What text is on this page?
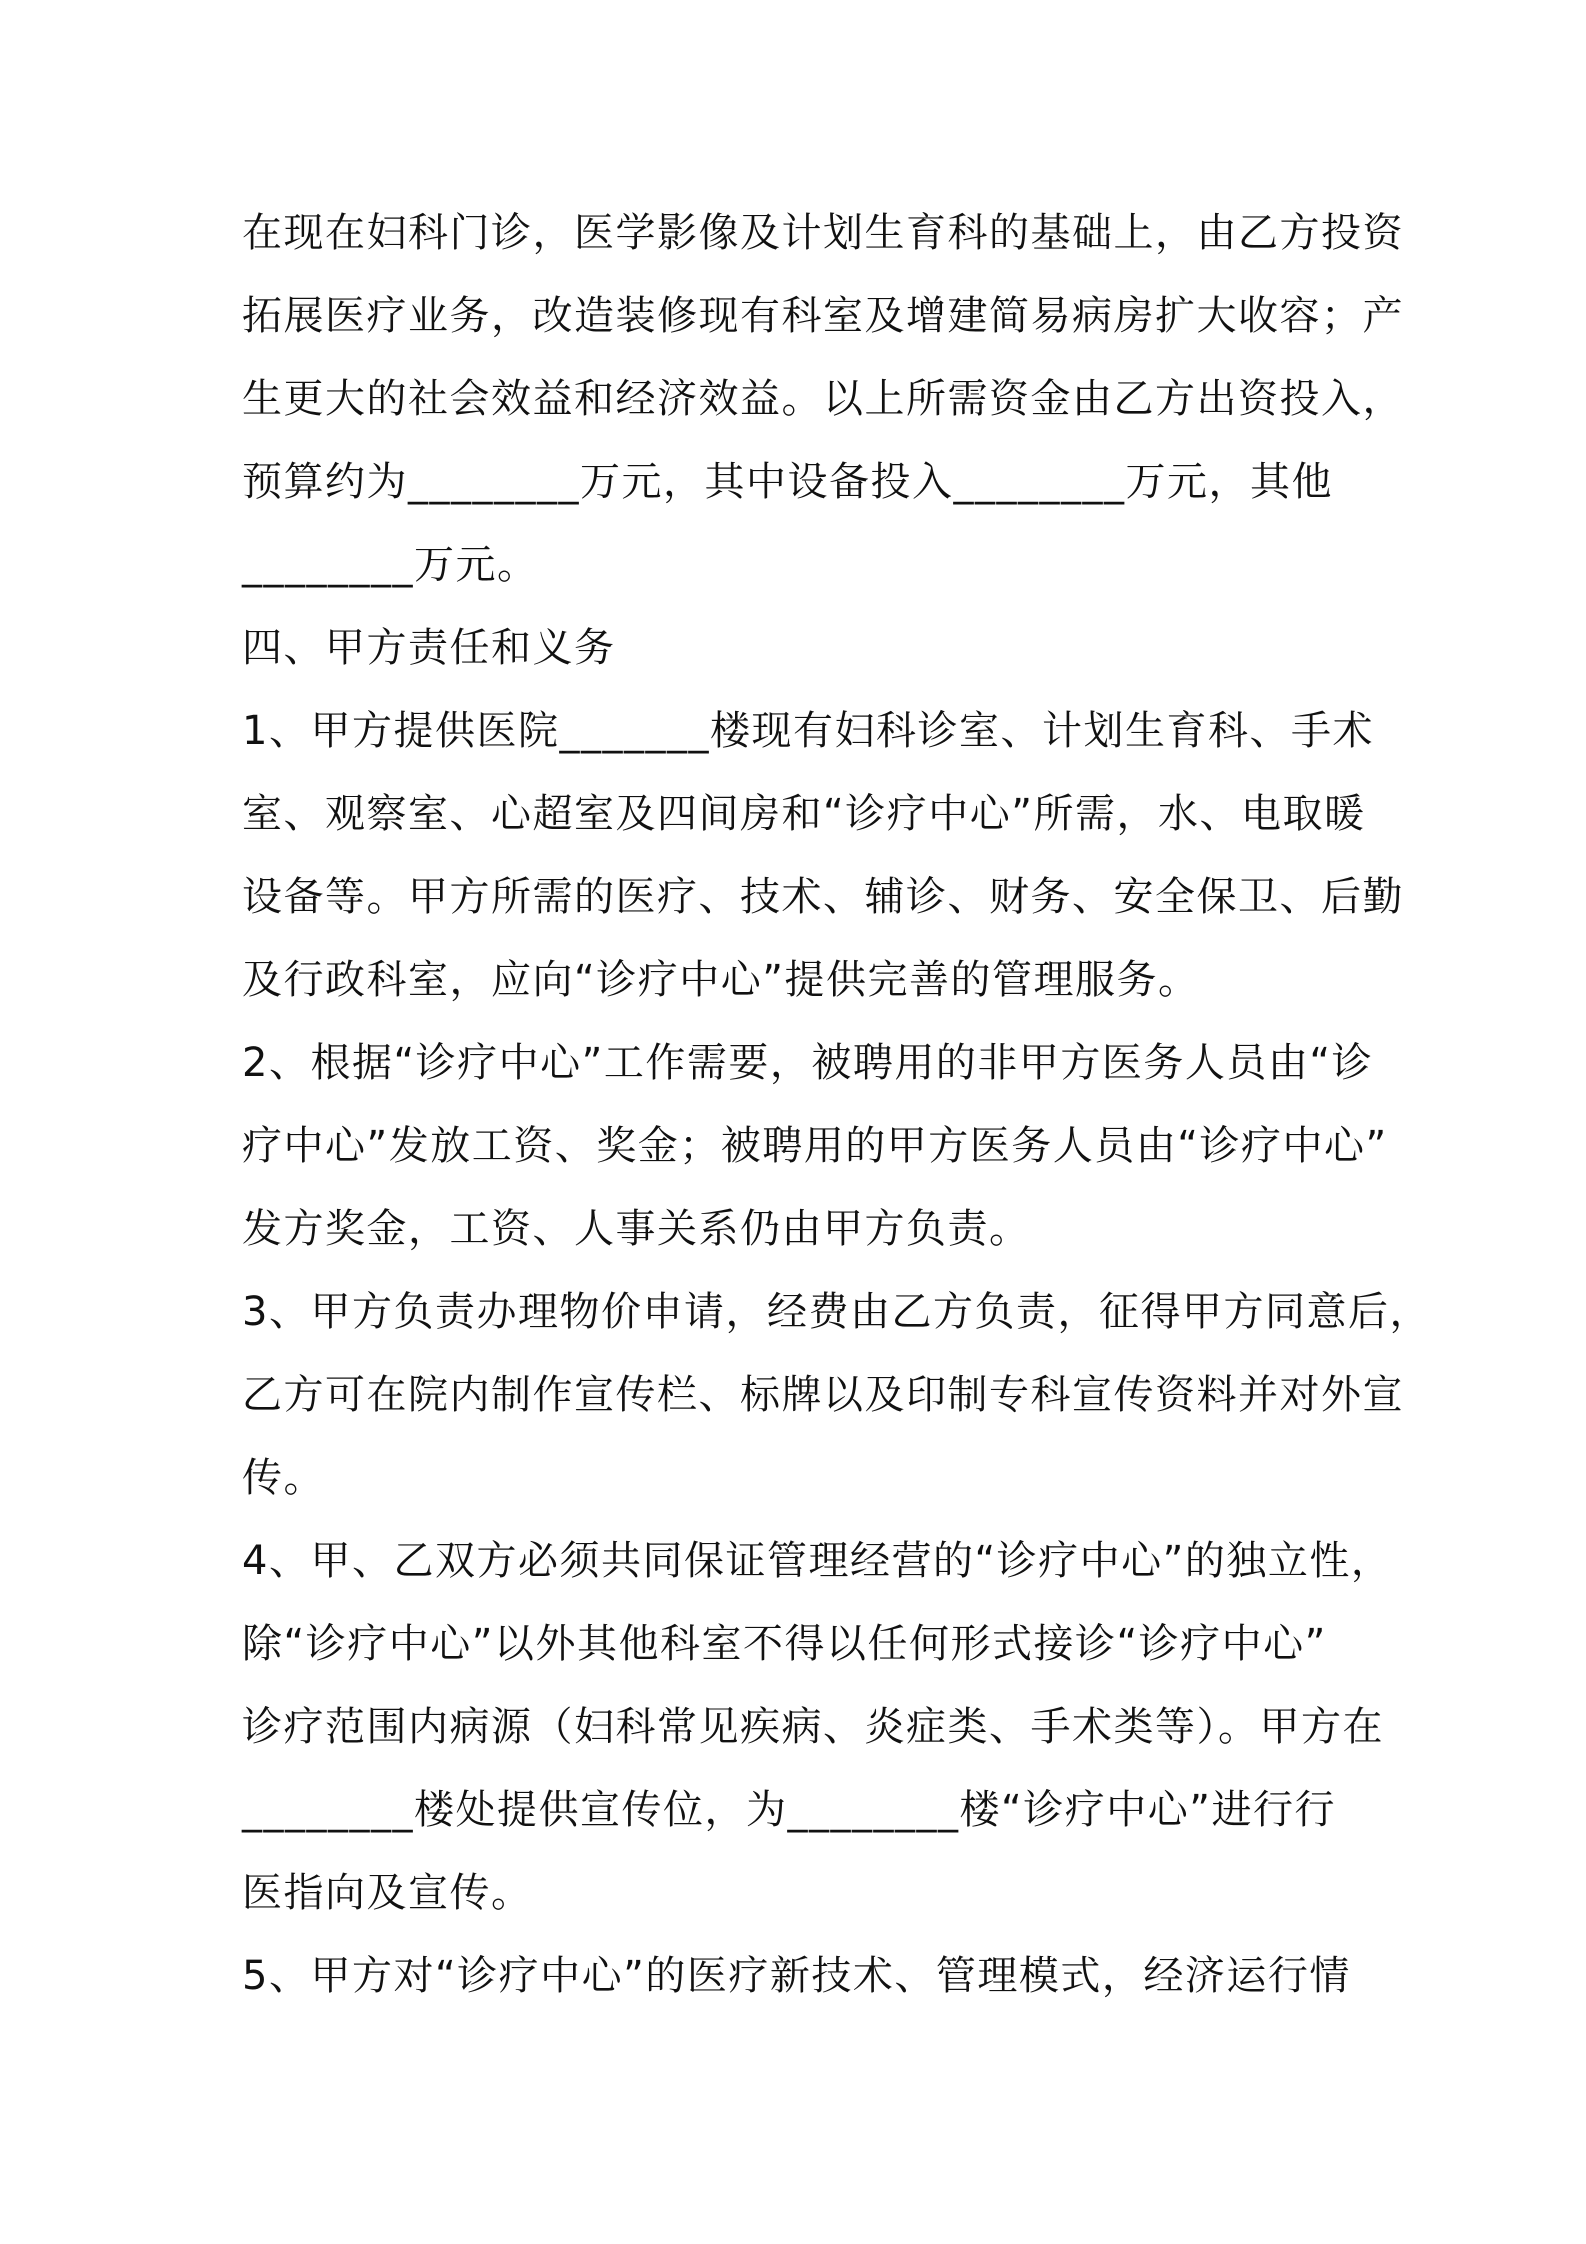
在现在妇科门诊，医学影像及计划生育科的基础上，由乙方投资
拓展医疗业务，改造装修现有科室及增建简易病房扩大收容；产
生更大的社会效益和经济效益。以上所需资金由乙方出资投入，
预算约为________万元，其中设备投入________万元，其他
________万元。
四、甲方责任和义务
1、甲方提供医院_______楼现有妇科诊室、计划生育科、手术
室、观察室、心超室及四间房和“诊疗中心”所需，水、电取暖
设备等。甲方所需的医疗、技术、辅诊、财务、安全保卫、后勤
及行政科室，应向“诊疗中心”提供完善的管理服务。
2、根据“诊疗中心”工作需要，被聘用的非甲方医务人员由“诊
疗中心”发放工资、奖金；被聘用的甲方医务人员由“诊疗中心”
发方奖金，工资、人事关系仍由甲方负责。
3、甲方负责办理物价申请，经费由乙方负责，征得甲方同意后，
乙方可在院内制作宣传栏、标牌以及印制专科宣传资料并对外宣
传。
4、甲、乙双方必须共同保证管理经营的“诊疗中心”的独立性，
除“诊疗中心”以外其他科室不得以任何形式接诊“诊疗中心”
诊疗范围内病源（妇科常见疾病、炎症类、手术类等）。甲方在
________楼处提供宣传位，为________楼“诊疗中心”进行行
医指向及宣传。
5、甲方对“诊疗中心”的医疗新技术、管理模式，经济运行情
